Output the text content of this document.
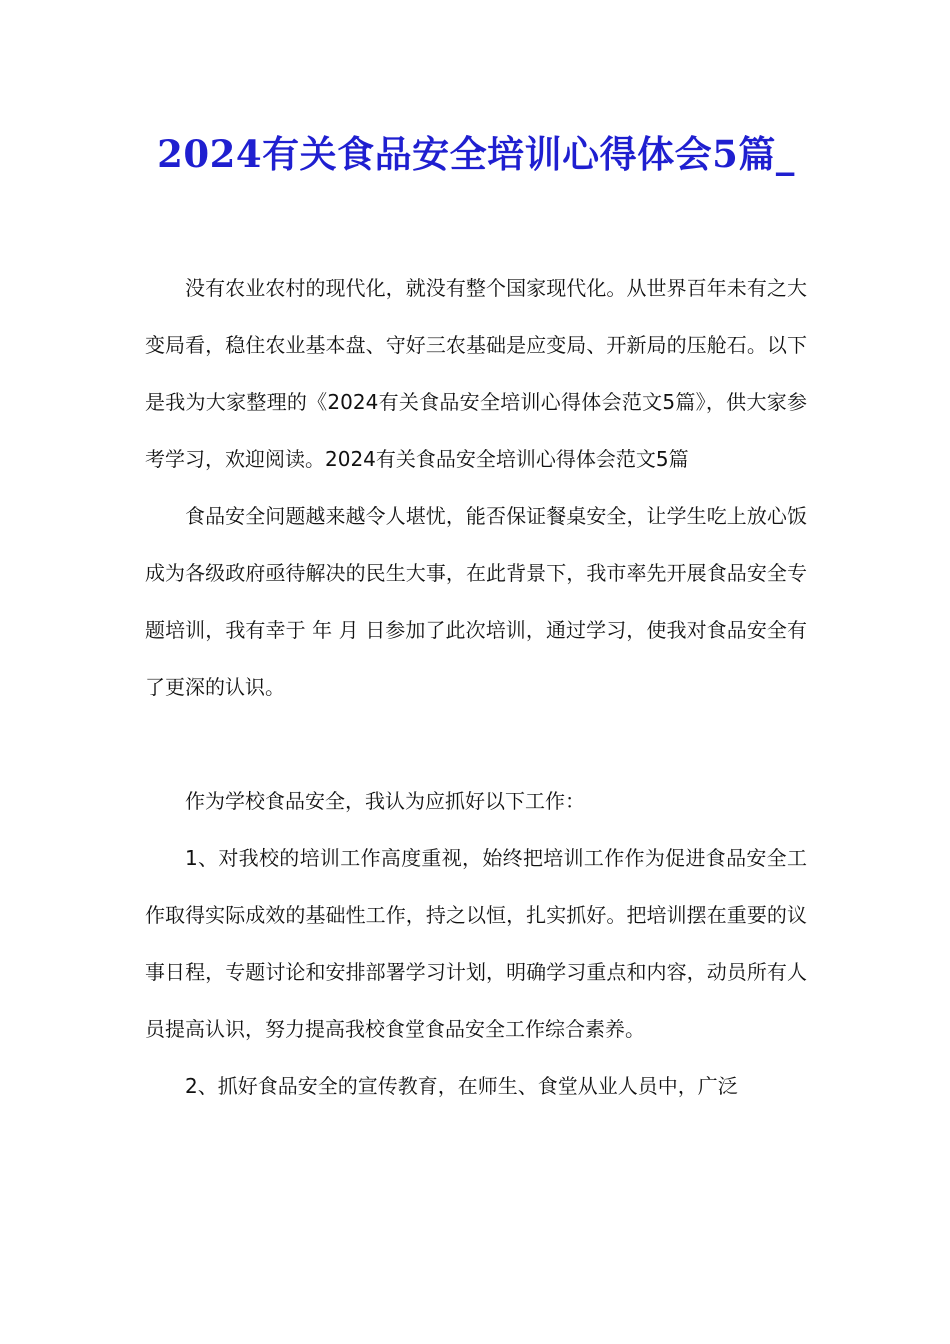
2024有关食品安全培训心得体会5篇_

没有农业农村的现代化，就没有整个国家现代化。从世界百年未有之大变局看，稳住农业基本盘、守好三农基础是应变局、开新局的压舱石。以下是我为大家整理的《2024有关食品安全培训心得体会范文5篇》，供大家参考学习，欢迎阅读。2024有关食品安全培训心得体会范文5篇

食品安全问题越来越令人堪忧，能否保证餐桌安全，让学生吃上放心饭成为各级政府亟待解决的民生大事，在此背景下，我市率先开展食品安全专题培训，我有幸于 年 月 日参加了此次培训，通过学习，使我对食品安全有了更深的认识。

作为学校食品安全，我认为应抓好以下工作：

1、对我校的培训工作高度重视，始终把培训工作作为促进食品安全工作取得实际成效的基础性工作，持之以恒，扎实抓好。把培训摆在重要的议事日程，专题讨论和安排部署学习计划，明确学习重点和内容，动员所有人员提高认识，努力提高我校食堂食品安全工作综合素养。

2、抓好食品安全的宣传教育，在师生、食堂从业人员中，广泛
